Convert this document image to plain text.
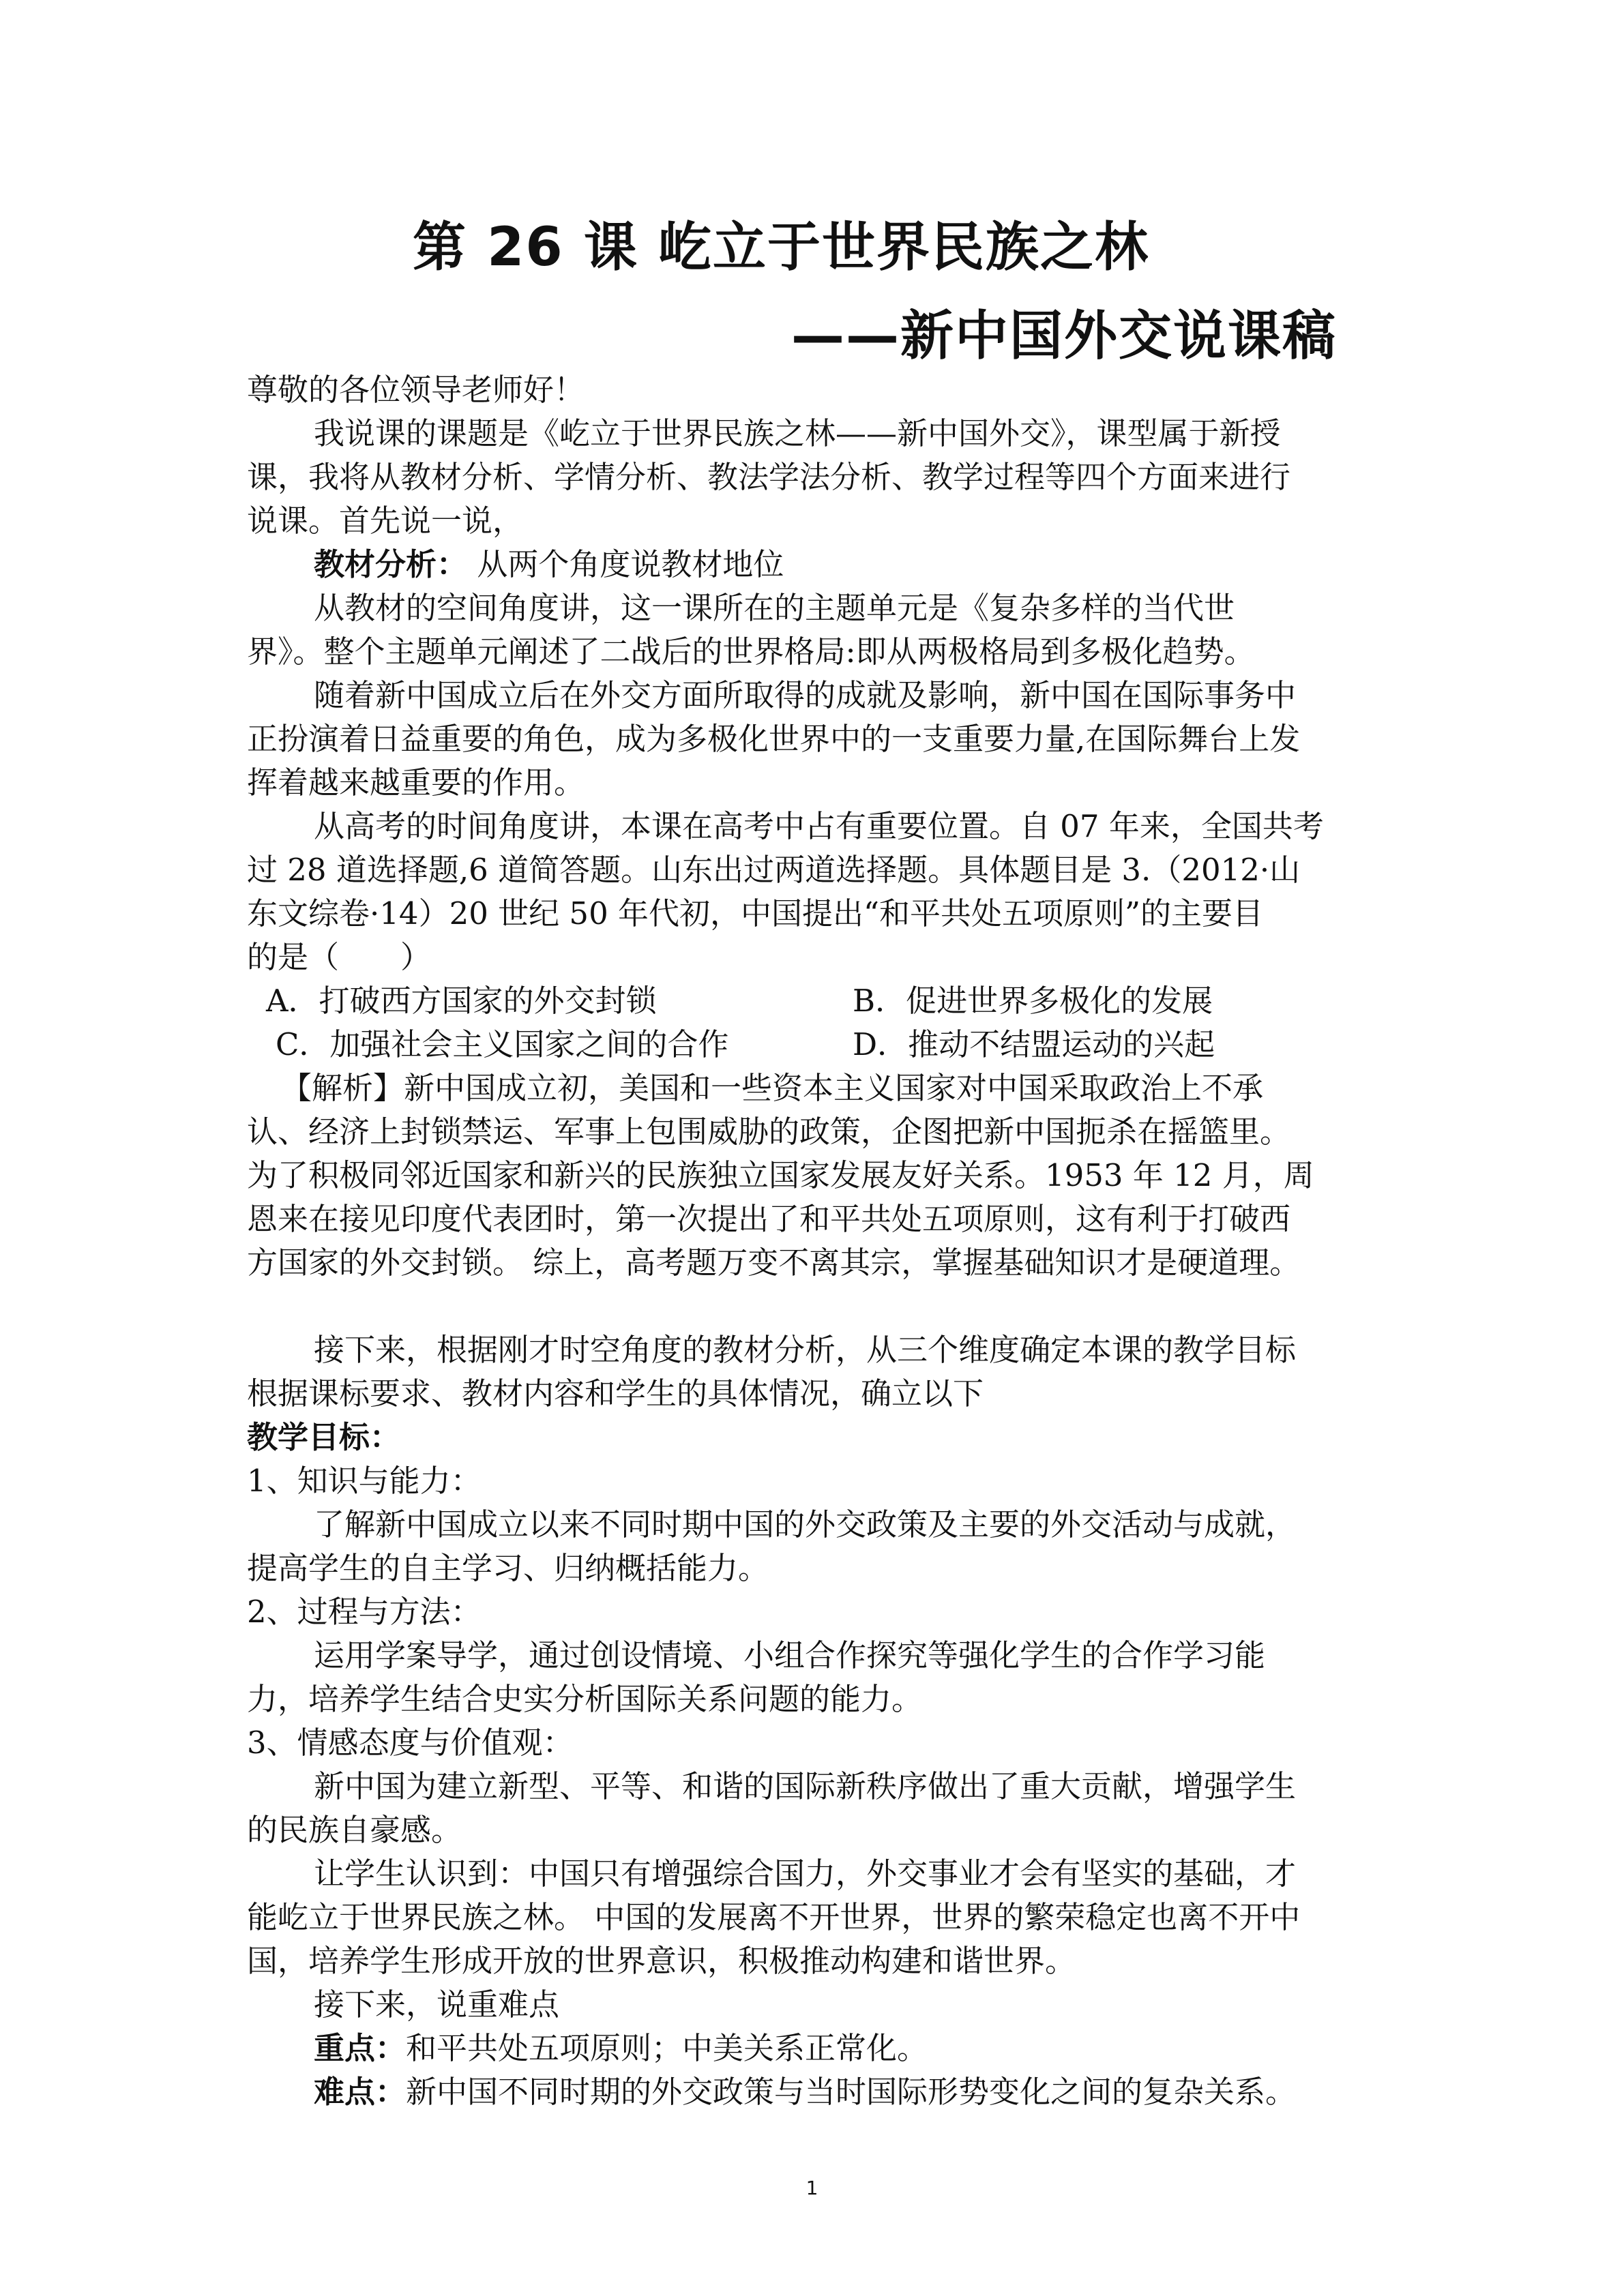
第 26 课 屹立于世界民族之林
——新中国外交说课稿
尊敬的各位领导老师好！
我说课的课题是《屹立于世界民族之林——新中国外交》，课型属于新授
课，我将从教材分析、学情分析、教法学法分析、教学过程等四个方面来进行
说课。首先说一说，
教材分析： 从两个角度说教材地位
从教材的空间角度讲，这一课所在的主题单元是《复杂多样的当代世
界》。整个主题单元阐述了二战后的世界格局:即从两极格局到多极化趋势。
随着新中国成立后在外交方面所取得的成就及影响，新中国在国际事务中
正扮演着日益重要的角色，成为多极化世界中的一支重要力量,在国际舞台上发
挥着越来越重要的作用。
从高考的时间角度讲，本课在高考中占有重要位置。自 07 年来，全国共考
过 28 道选择题,6 道简答题。山东出过两道选择题。具体题目是 3.（2012·山
东文综卷·14）20 世纪 50 年代初，中国提出“和平共处五项原则”的主要目
的是（　　）
A．打破西方国家的外交封锁	B．促进世界多极化的发展
C．加强社会主义国家之间的合作	D．推动不结盟运动的兴起
【解析】新中国成立初，美国和一些资本主义国家对中国采取政治上不承
认、经济上封锁禁运、军事上包围威胁的政策，企图把新中国扼杀在摇篮里。
为了积极同邻近国家和新兴的民族独立国家发展友好关系。1953 年 12 月，周
恩来在接见印度代表团时，第一次提出了和平共处五项原则，这有利于打破西
方国家的外交封锁。 综上，高考题万变不离其宗，掌握基础知识才是硬道理。
接下来，根据刚才时空角度的教材分析，从三个维度确定本课的教学目标
根据课标要求、教材内容和学生的具体情况，确立以下
教学目标：
1、知识与能力：
了解新中国成立以来不同时期中国的外交政策及主要的外交活动与成就，
提高学生的自主学习、归纳概括能力。
2、过程与方法：
运用学案导学，通过创设情境、小组合作探究等强化学生的合作学习能
力，培养学生结合史实分析国际关系问题的能力。
3、情感态度与价值观：
新中国为建立新型、平等、和谐的国际新秩序做出了重大贡献，增强学生
的民族自豪感。
让学生认识到：中国只有增强综合国力，外交事业才会有坚实的基础，才
能屹立于世界民族之林。 中国的发展离不开世界，世界的繁荣稳定也离不开中
国，培养学生形成开放的世界意识，积极推动构建和谐世界。
接下来，说重难点
重点：和平共处五项原则；中美关系正常化。
难点：新中国不同时期的外交政策与当时国际形势变化之间的复杂关系。
1
